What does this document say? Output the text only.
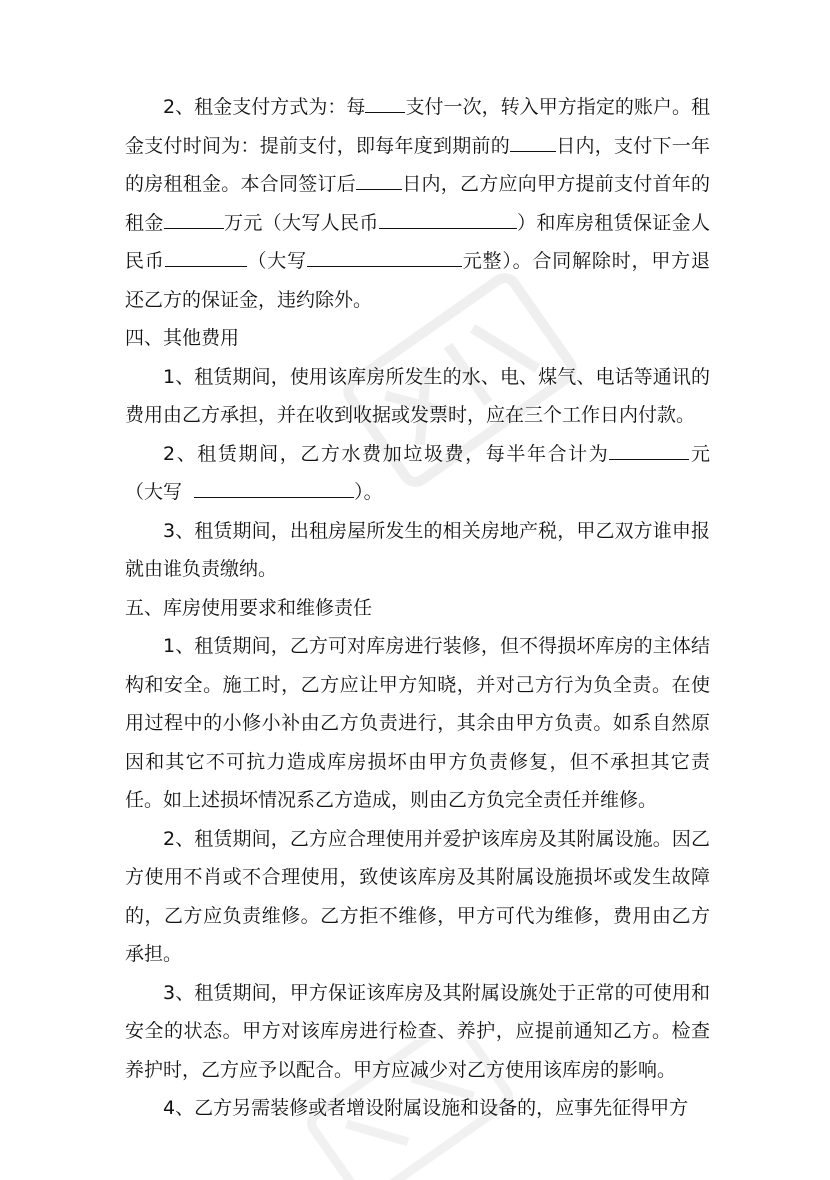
2、租金支付方式为：每 支付一次，转入甲方指定的账户。租金支付时间为：提前支付，即每年度到期前的 日内，支付下一年的房租租金。本合同签订后 日内，乙方应向甲方提前支付首年的租金	万元（大写人民币	）和库房租赁保证金人民币	（大写	元整）。合同解除时，甲方退还乙方的保证金，违约除外。

四、其他费用

1、租赁期间，使用该库房所发生的水、电、煤气、电话等通讯的费用由乙方承担，并在收到收据或发票时，应在三个工作日内付款。

2、租赁期间，乙方水费加垃圾费，每半年合计为	元（大写	）。

3、租赁期间，出租房屋所发生的相关房地产税，甲乙双方谁申报就由谁负责缴纳。

五、库房使用要求和维修责任

1、租赁期间，乙方可对库房进行装修，但不得损坏库房的主体结构和安全。施工时，乙方应让甲方知晓，并对己方行为负全责。在使用过程中的小修小补由乙方负责进行，其余由甲方负责。如系自然原因和其它不可抗力造成库房损坏由甲方负责修复，但不承担其它责任。如上述损坏情况系乙方造成，则由乙方负完全责任并维修。

2、租赁期间，乙方应合理使用并爱护该库房及其附属设施。因乙方使用不肖或不合理使用，致使该库房及其附属设施损坏或发生故障的，乙方应负责维修。乙方拒不维修，甲方可代为维修，费用由乙方承担。

3、租赁期间，甲方保证该库房及其附属设旐处于正常的可使用和安全的状态。甲方对该库房进行检查、养护，应提前通知乙方。检查养护时，乙方应予以配合。甲方应减少对乙方使用该库房的影响。

4、乙方另需装修或者增设附属设施和设备的，应事先征得甲方
